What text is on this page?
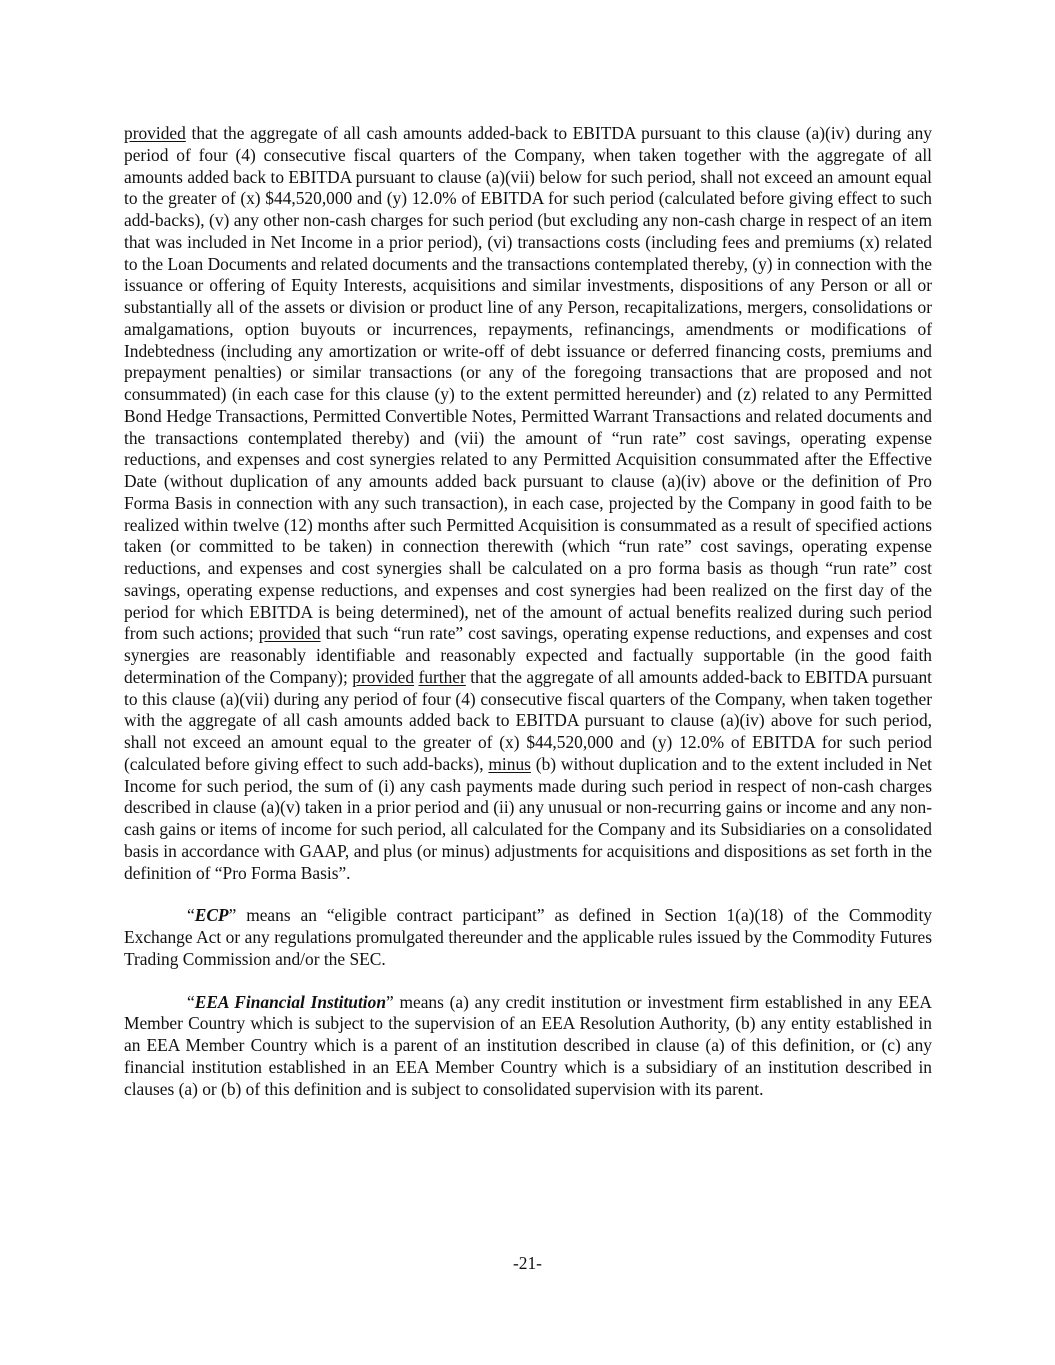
provided that the aggregate of all cash amounts added-back to EBITDA pursuant to this clause (a)(iv) during any period of four (4) consecutive fiscal quarters of the Company, when taken together with the aggregate of all amounts added back to EBITDA pursuant to clause (a)(vii) below for such period, shall not exceed an amount equal to the greater of (x) $44,520,000 and (y) 12.0% of EBITDA for such period (calculated before giving effect to such add-backs), (v) any other non-cash charges for such period (but excluding any non-cash charge in respect of an item that was included in Net Income in a prior period), (vi) transactions costs (including fees and premiums (x) related to the Loan Documents and related documents and the transactions contemplated thereby, (y) in connection with the issuance or offering of Equity Interests, acquisitions and similar investments, dispositions of any Person or all or substantially all of the assets or division or product line of any Person, recapitalizations, mergers, consolidations or amalgamations, option buyouts or incurrences, repayments, refinancings, amendments or modifications of Indebtedness (including any amortization or write-off of debt issuance or deferred financing costs, premiums and prepayment penalties) or similar transactions (or any of the foregoing transactions that are proposed and not consummated) (in each case for this clause (y) to the extent permitted hereunder) and (z) related to any Permitted Bond Hedge Transactions, Permitted Convertible Notes, Permitted Warrant Transactions and related documents and the transactions contemplated thereby) and (vii) the amount of “run rate” cost savings, operating expense reductions, and expenses and cost synergies related to any Permitted Acquisition consummated after the Effective Date (without duplication of any amounts added back pursuant to clause (a)(iv) above or the definition of Pro Forma Basis in connection with any such transaction), in each case, projected by the Company in good faith to be realized within twelve (12) months after such Permitted Acquisition is consummated as a result of specified actions taken (or committed to be taken) in connection therewith (which “run rate” cost savings, operating expense reductions, and expenses and cost synergies shall be calculated on a pro forma basis as though “run rate” cost savings, operating expense reductions, and expenses and cost synergies had been realized on the first day of the period for which EBITDA is being determined), net of the amount of actual benefits realized during such period from such actions; provided that such “run rate” cost savings, operating expense reductions, and expenses and cost synergies are reasonably identifiable and reasonably expected and factually supportable (in the good faith determination of the Company); provided further that the aggregate of all amounts added-back to EBITDA pursuant to this clause (a)(vii) during any period of four (4) consecutive fiscal quarters of the Company, when taken together with the aggregate of all cash amounts added back to EBITDA pursuant to clause (a)(iv) above for such period, shall not exceed an amount equal to the greater of (x) $44,520,000 and (y) 12.0% of EBITDA for such period (calculated before giving effect to such add-backs), minus (b) without duplication and to the extent included in Net Income for such period, the sum of (i) any cash payments made during such period in respect of non-cash charges described in clause (a)(v) taken in a prior period and (ii) any unusual or non-recurring gains or income and any non-cash gains or items of income for such period, all calculated for the Company and its Subsidiaries on a consolidated basis in accordance with GAAP, and plus (or minus) adjustments for acquisitions and dispositions as set forth in the definition of “Pro Forma Basis”.

“ECP” means an “eligible contract participant” as defined in Section 1(a)(18) of the Commodity Exchange Act or any regulations promulgated thereunder and the applicable rules issued by the Commodity Futures Trading Commission and/or the SEC.

“EEA Financial Institution” means (a) any credit institution or investment firm established in any EEA Member Country which is subject to the supervision of an EEA Resolution Authority, (b) any entity established in an EEA Member Country which is a parent of an institution described in clause (a) of this definition, or (c) any financial institution established in an EEA Member Country which is a subsidiary of an institution described in clauses (a) or (b) of this definition and is subject to consolidated supervision with its parent.

-21-
